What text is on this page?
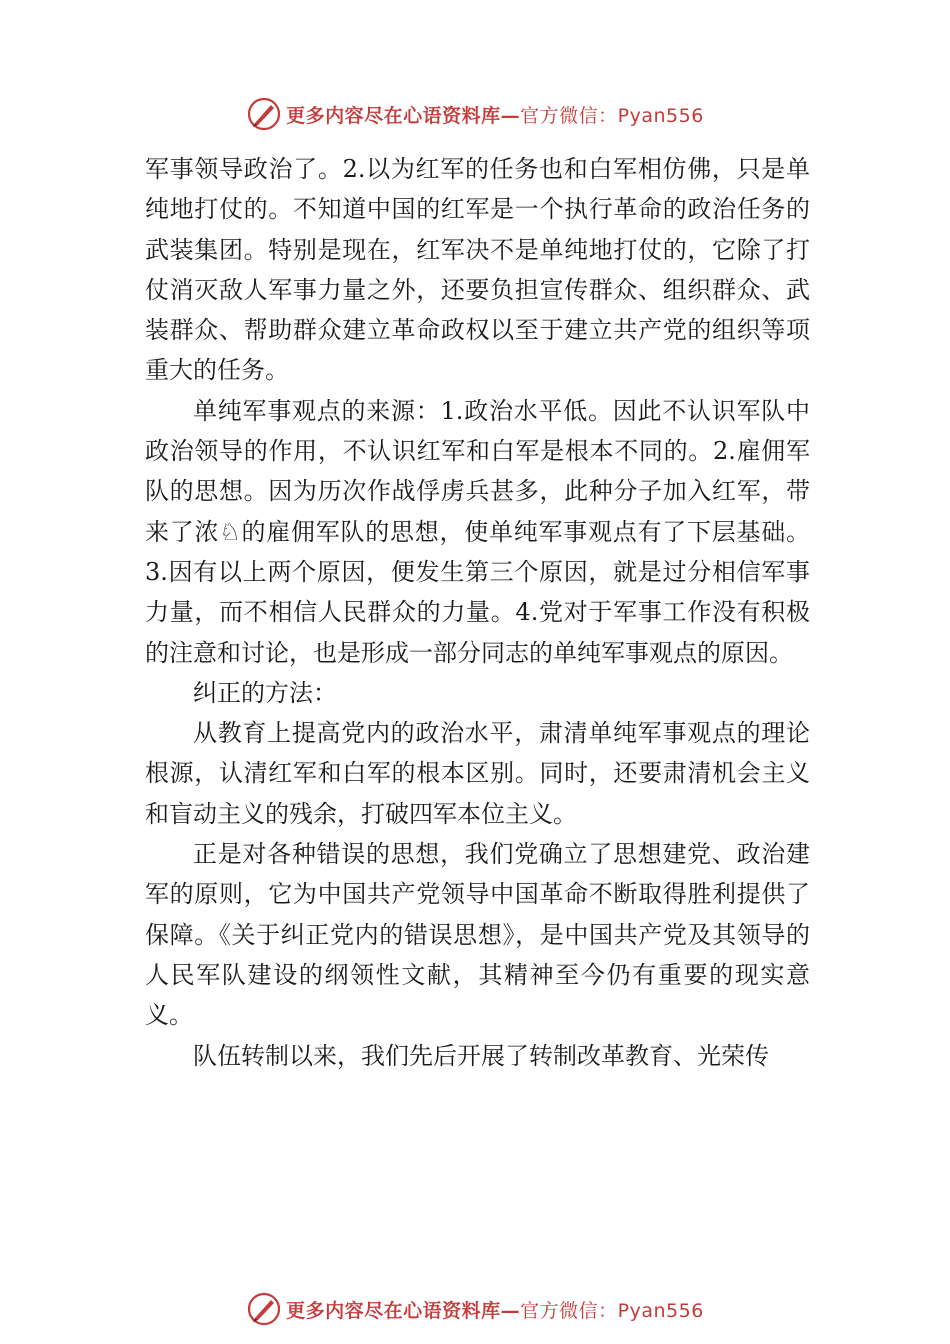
更多内容尽在心语资料库—官方微信：Pyan556

军事领导政治了。2.以为红军的任务也和白军相仿佛，只是单纯地打仗的。不知道中国的红军是一个执行革命的政治任务的武装集团。特别是现在，红军决不是单纯地打仗的，它除了打仗消灭敌人军事力量之外，还要负担宣传群众、组织群众、武装群众、帮助群众建立革命政权以至于建立共产党的组织等项重大的任务。

单纯军事观点的来源：1.政治水平低。因此不认识军队中政治领导的作用，不认识红军和白军是根本不同的。2.雇佣军队的思想。因为历次作战俘虏兵甚多，此种分子加入红军，带来了浓♘的雇佣军队的思想，使单纯军事观点有了下层基础。3.因有以上两个原因，便发生第三个原因，就是过分相信军事力量，而不相信人民群众的力量。4.党对于军事工作没有积极的注意和讨论，也是形成一部分同志的单纯军事观点的原因。

纠正的方法：

从教育上提高党内的政治水平，肃清单纯军事观点的理论根源，认清红军和白军的根本区别。同时，还要肃清机会主义和盲动主义的残余，打破四军本位主义。

正是对各种错误的思想，我们党确立了思想建党、政治建军的原则，它为中国共产党领导中国革命不断取得胜利提供了保障。《关于纠正党内的错误思想》，是中国共产党及其领导的人民军队建设的纲领性文献，其精神至今仍有重要的现实意义。

队伍转制以来，我们先后开展了转制改革教育、光荣传

更多内容尽在心语资料库—官方微信：Pyan556
